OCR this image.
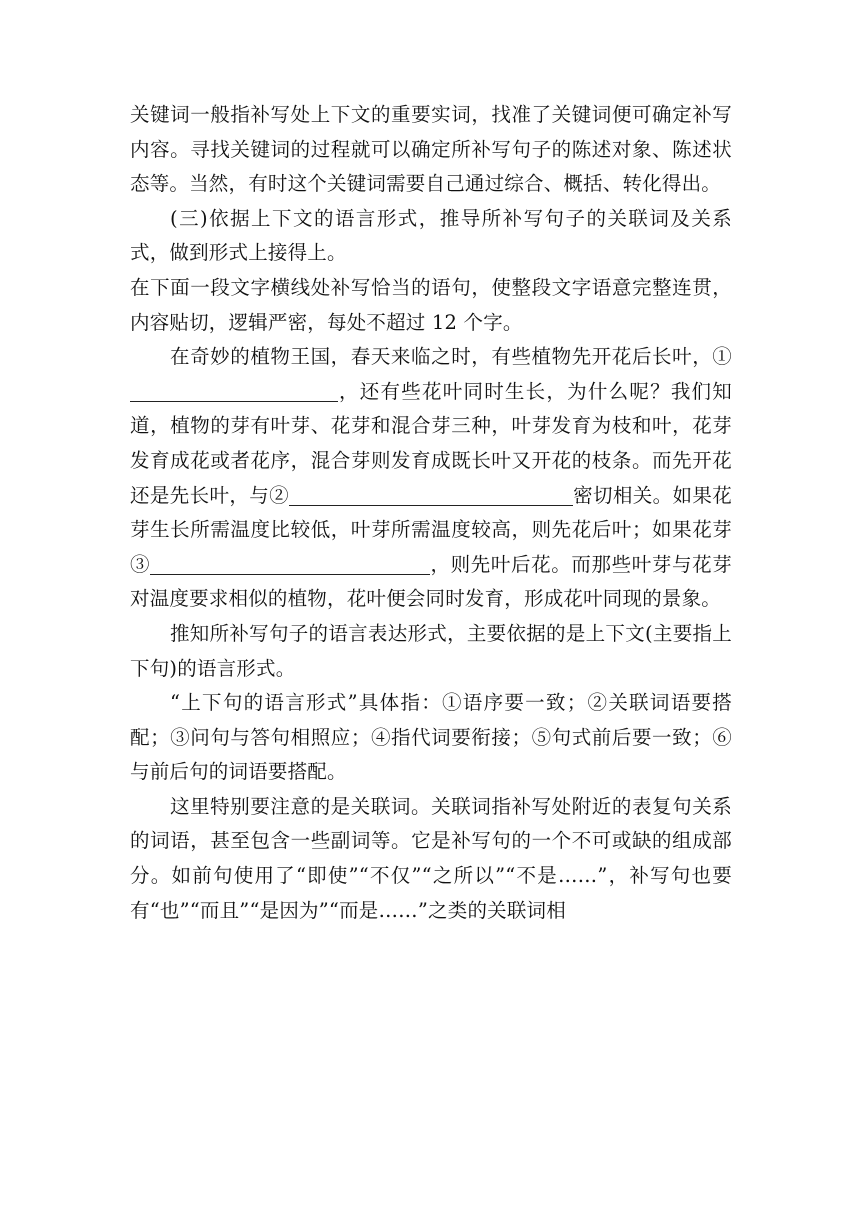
关键词一般指补写处上下文的重要实词，找准了关键词便可确定补写内容。寻找关键词的过程就可以确定所补写句子的陈述对象、陈述状态等。当然，有时这个关键词需要自己通过综合、概括、转化得出。

(三)依据上下文的语言形式，推导所补写句子的关联词及关系式，做到形式上接得上。

在下面一段文字横线处补写恰当的语句，使整段文字语意完整连贯，内容贴切，逻辑严密，每处不超过 12 个字。

在奇妙的植物王国，春天来临之时，有些植物先开花后长叶，①，还有些花叶同时生长，为什么呢？我们知道，植物的芽有叶芽、花芽和混合芽三种，叶芽发育为枝和叶，花芽发育成花或者花序，混合芽则发育成既长叶又开花的枝条。而先开花还是先长叶，与②	密切相关。如果花芽生长所需温度比较低，叶芽所需温度较高，则先花后叶；如果花芽③	，则先叶后花。而那些叶芽与花芽对温度要求相似的植物，花叶便会同时发育，形成花叶同现的景象。

推知所补写句子的语言表达形式，主要依据的是上下文(主要指上下句)的语言形式。

“上下句的语言形式”具体指：①语序要一致；②关联词语要搭配；③问句与答句相照应；④指代词要衔接；⑤句式前后要一致；⑥与前后句的词语要搭配。

这里特别要注意的是关联词。关联词指补写处附近的表复句关系的词语，甚至包含一些副词等。它是补写句的一个不可或缺的组成部分。如前句使用了“即使”“不仅”“之所以”“不是……”，补写句也要有“也”“而且”“是因为”“而是……”之类的关联词相
